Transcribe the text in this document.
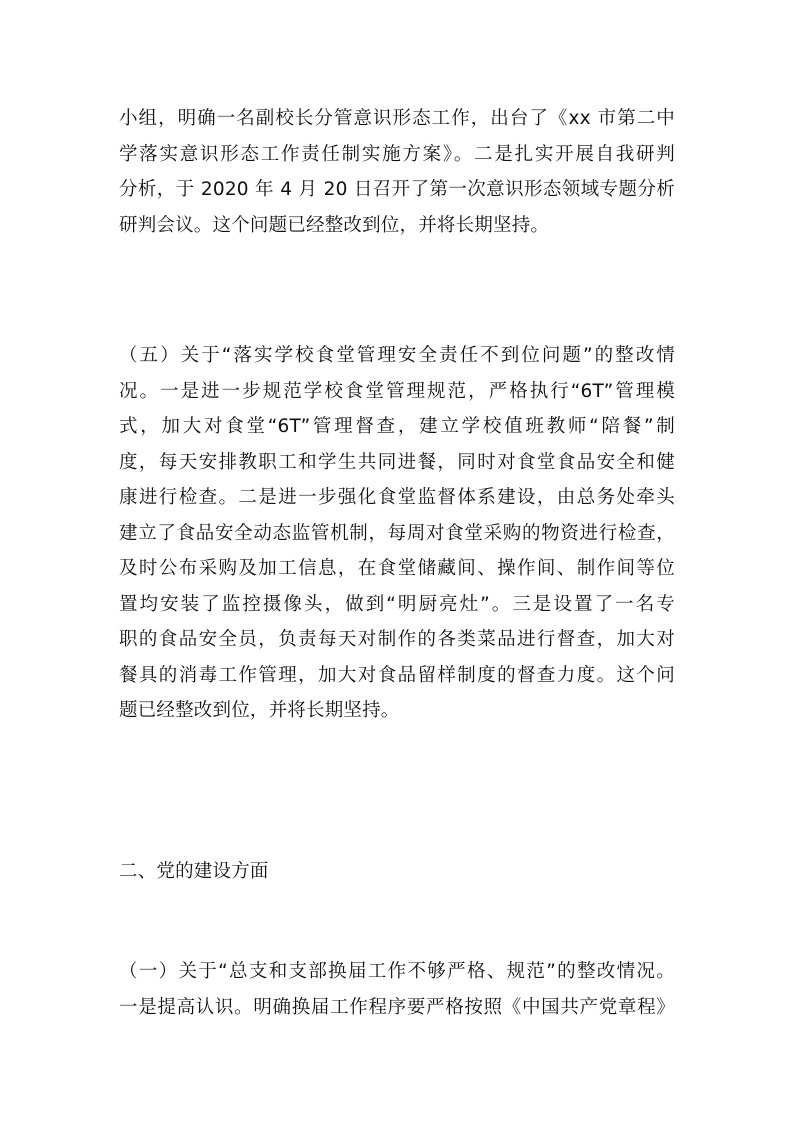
小组，明确一名副校长分管意识形态工作，出台了《xx 市第二中
学落实意识形态工作责任制实施方案》。二是扎实开展自我研判
分析，于 2020 年 4 月 20 日召开了第一次意识形态领域专题分析
研判会议。这个问题已经整改到位，并将长期坚持。
（五）关于“落实学校食堂管理安全责任不到位问题”的整改情
况。一是进一步规范学校食堂管理规范，严格执行“6T”管理模
式，加大对食堂“6T”管理督查，建立学校值班教师“陪餐”制
度，每天安排教职工和学生共同进餐，同时对食堂食品安全和健
康进行检查。二是进一步强化食堂监督体系建设，由总务处牵头
建立了食品安全动态监管机制，每周对食堂采购的物资进行检查，
及时公布采购及加工信息，在食堂储藏间、操作间、制作间等位
置均安装了监控摄像头，做到“明厨亮灶”。三是设置了一名专
职的食品安全员，负责每天对制作的各类菜品进行督查，加大对
餐具的消毒工作管理，加大对食品留样制度的督查力度。这个问
题已经整改到位，并将长期坚持。
二、党的建设方面
（一）关于“总支和支部换届工作不够严格、规范”的整改情况。
一是提高认识。明确换届工作程序要严格按照《中国共产党章程》
